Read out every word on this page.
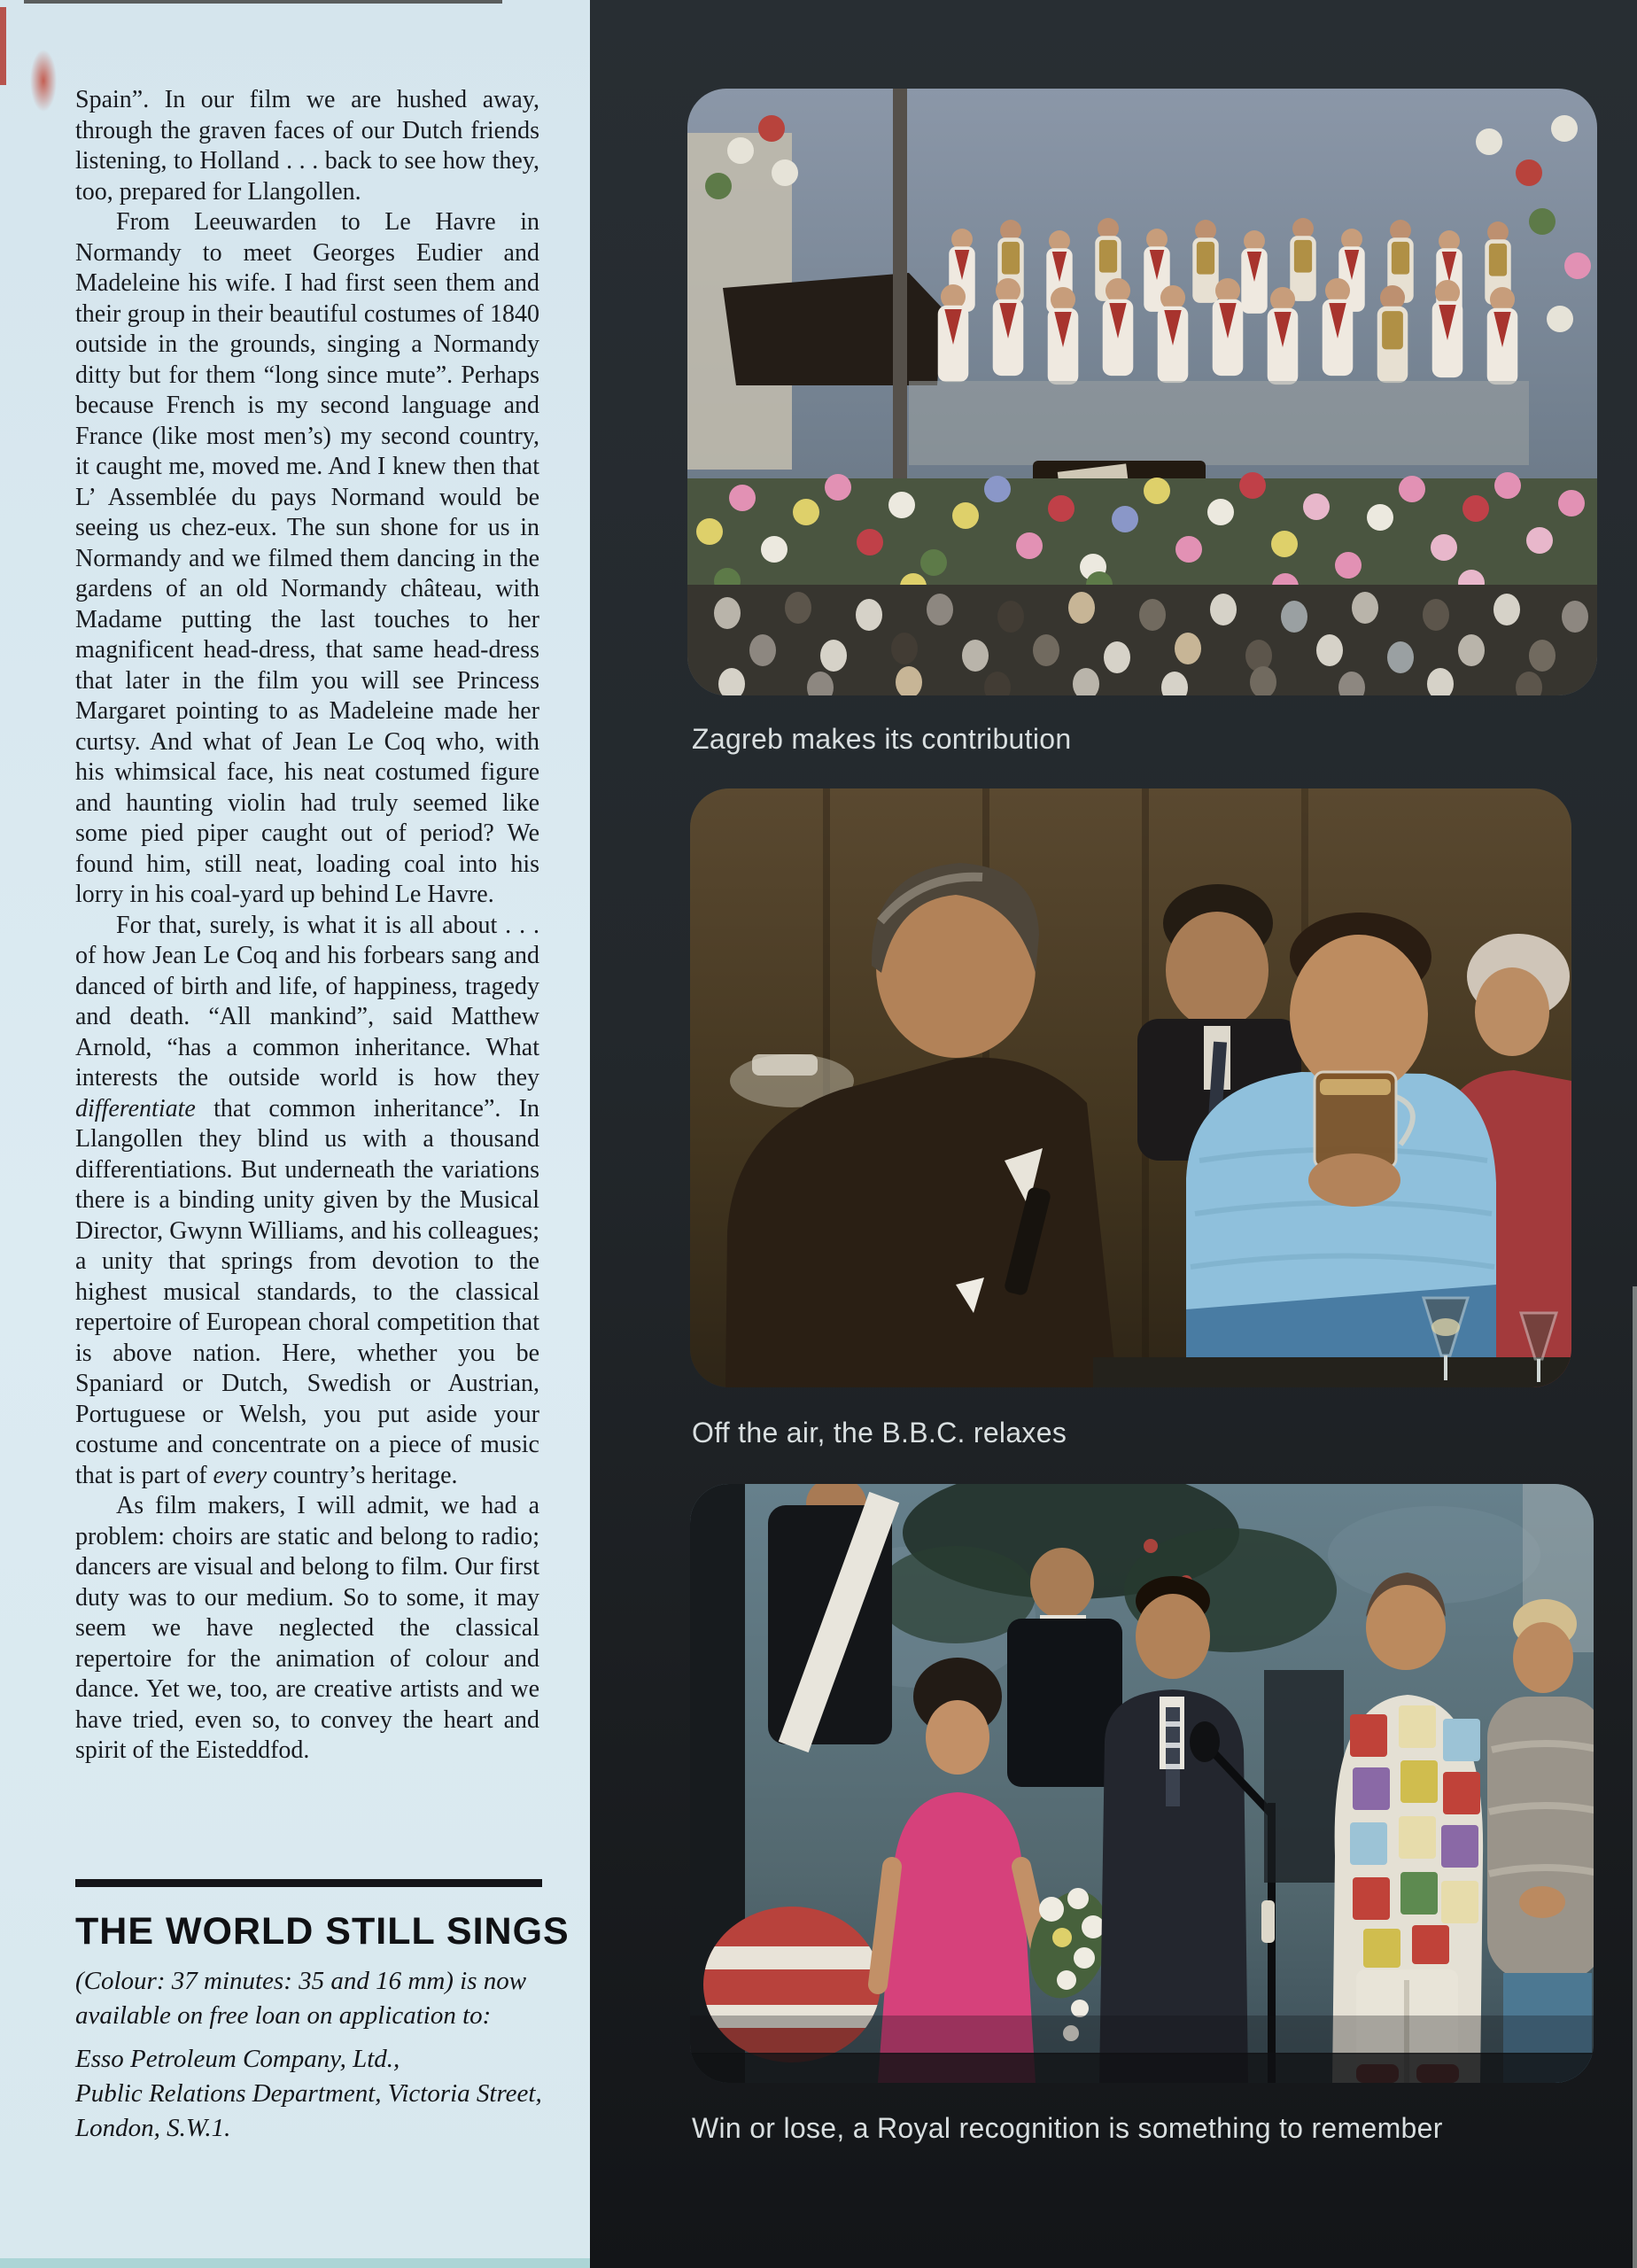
Spain”. In our film we are hushed away, through the graven faces of our Dutch friends listening, to Holland . . . back to see how they, too, prepared for Llangollen.

From Leeuwarden to Le Havre in Normandy to meet Georges Eudier and Madeleine his wife. I had first seen them and their group in their beautiful costumes of 1840 outside in the grounds, singing a Normandy ditty but for them “long since mute”. Perhaps because French is my second language and France (like most men’s) my second country, it caught me, moved me. And I knew then that L’ Assemblée du pays Normand would be seeing us chez-eux. The sun shone for us in Normandy and we filmed them dancing in the gardens of an old Normandy château, with Madame putting the last touches to her magnificent head-dress, that same head-dress that later in the film you will see Princess Margaret pointing to as Madeleine made her curtsy. And what of Jean Le Coq who, with his whimsical face, his neat costumed figure and haunting violin had truly seemed like some pied piper caught out of period? We found him, still neat, loading coal into his lorry in his coal-yard up behind Le Havre.

For that, surely, is what it is all about . . . of how Jean Le Coq and his forbears sang and danced of birth and life, of happiness, tragedy and death. “All mankind”, said Matthew Arnold, “has a common inheritance. What interests the outside world is how they differentiate that common inheritance”. In Llangollen they blind us with a thousand differentiations. But underneath the variations there is a binding unity given by the Musical Director, Gwynn Williams, and his colleagues; a unity that springs from devotion to the highest musical standards, to the classical repertoire of European choral competition that is above nation. Here, whether you be Spaniard or Dutch, Swedish or Austrian, Portuguese or Welsh, you put aside your costume and concentrate on a piece of music that is part of every country’s heritage.

As film makers, I will admit, we had a problem: choirs are static and belong to radio; dancers are visual and belong to film. Our first duty was to our medium. So to some, it may seem we have neglected the classical repertoire for the animation of colour and dance. Yet we, too, are creative artists and we have tried, even so, to convey the heart and spirit of the Eisteddfod.

THE WORLD STILL SINGS

(Colour: 37 minutes: 35 and 16 mm) is now available on free loan on application to:

Esso Petroleum Company, Ltd.,

Public Relations Department, Victoria Street,

London, S.W.1.

Zagreb makes its contribution
Off the air, the B.B.C. relaxes
Win or lose, a Royal recognition is something to remember
